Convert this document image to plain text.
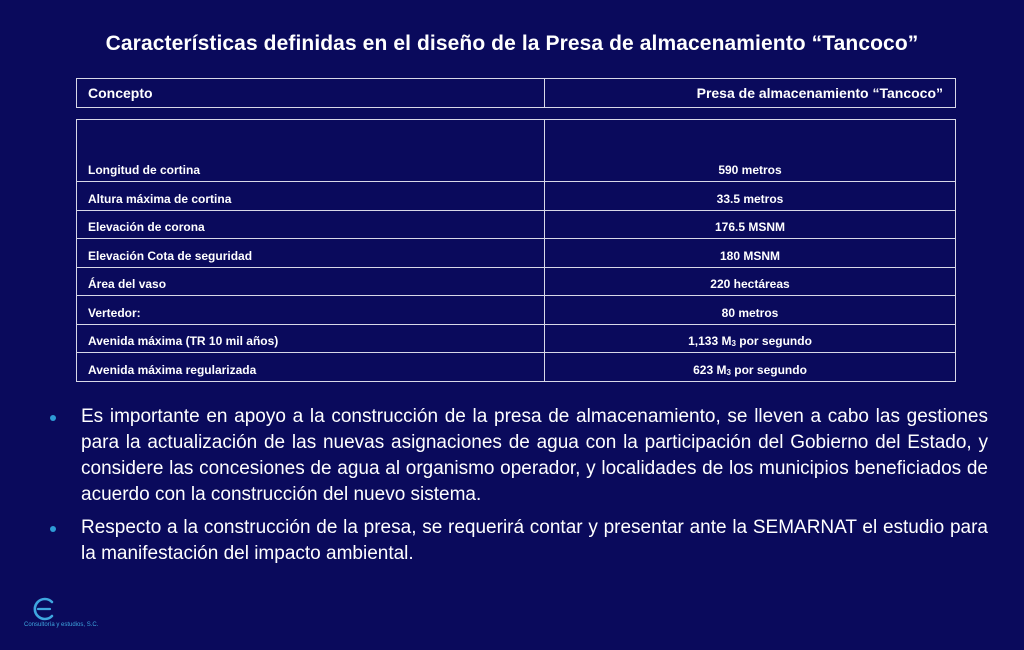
Características definidas en el diseño de la Presa de almacenamiento “Tancoco”
Concepto	Presa de almacenamiento “Tancoco”
Longitud de cortina	590 metros
Altura máxima de cortina	33.5 metros
Elevación de corona	176.5 MSNM
Elevación Cota de seguridad	180 MSNM
Área del vaso	220 hectáreas
Vertedor:	80 metros
Avenida máxima (TR 10 mil años)	1,133 $M^3$ por segundo
Avenida máxima regularizada	623 $M^3$ por segundo
Es importante en apoyo a la construcción de la presa de almacenamiento, se lleven a cabo las gestiones para la actualización de las nuevas asignaciones de agua con la participación del Gobierno del Estado, y considere las concesiones de agua al organismo operador, y localidades de los municipios beneficiados de acuerdo con la construcción del nuevo sistema.
Respecto a la construcción de la presa, se requerirá contar y presentar ante la SEMARNAT el estudio para la manifestación del impacto ambiental.
Consultoría y estudios, S.C.
